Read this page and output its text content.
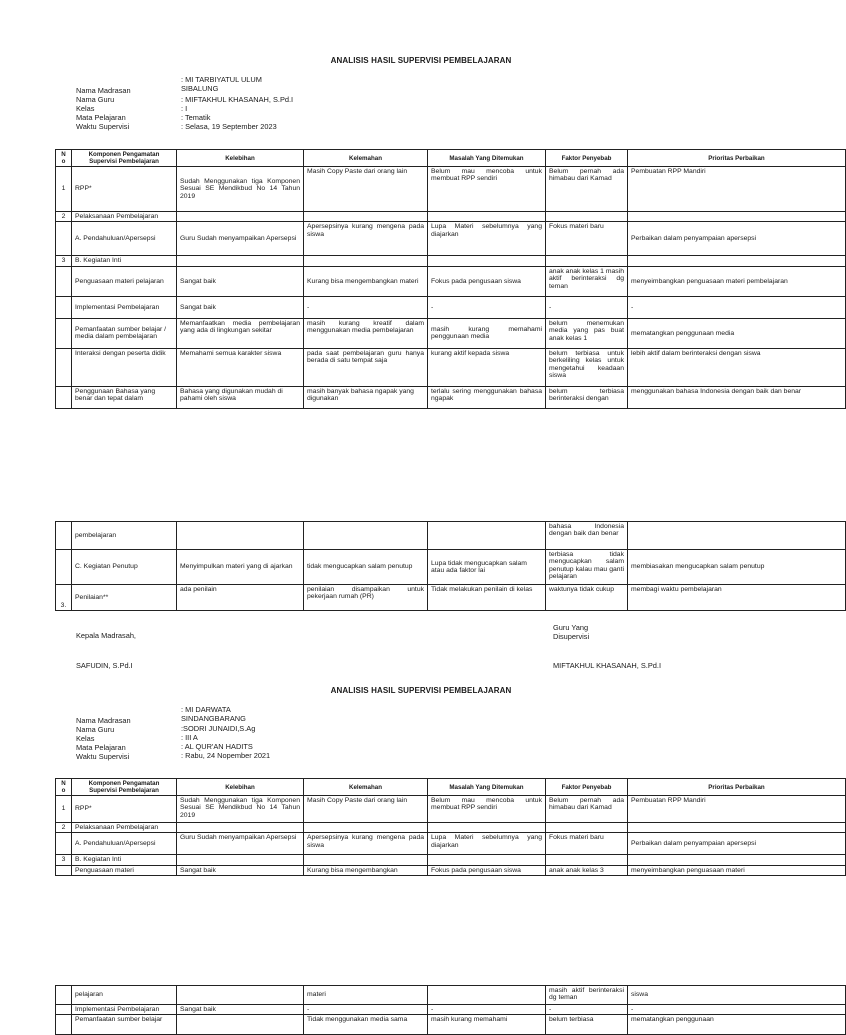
ANALISIS HASIL SUPERVISI PEMBELAJARAN
: MI TARBIYATUL ULUM
SIBALUNG
Nama Madrasan
Nama Guru	: MIFTAKHUL KHASANAH, S.Pd.I
Kelas	: I
Mata Pelajaran	: Tematik
Waktu Supervisi	: Selasa, 19 September 2023
N o	Komponen Pengamatan Supervisi Pembelajaran	Kelebihan	Kelemahan	Masalah Yang Ditemukan	Faktor Penyebab	Prioritas Perbaikan
1	RPP*	Sudah Menggunakan tiga Komponen Sesuai SE Mendikbud No 14 Tahun 2019	Masih Copy Paste dari orang lain	Belum mau mencoba untuk membuat RPP sendiri	Belum pernah ada himabau dari Kamad	Pembuatan RPP Mandiri
2	Pelaksanaan Pembelajaran					
	A. Pendahuluan/Apersepsi	Guru Sudah menyampaikan Apersepsi	Apersepsinya kurang mengena pada siswa	Lupa Materi sebelumnya yang diajarkan	Fokus materi baru	Perbaikan dalam penyampaian apersepsi
3	B. Kegiatan Inti					
	Penguasaan materi pelajaran	Sangat baik	Kurang bisa mengembangkan materi	Fokus pada pengusaan siswa	anak anak kelas 1 masih aktif berinteraksi dg teman	menyeimbangkan penguasaan materi pembelajaran
	Implementasi Pembelajaran	Sangat baik	-	-	-	-
	Pemanfaatan sumber belajar / media dalam pembelajaran	Memanfaatkan media pembelajaran yang ada di lingkungan sekitar	masih kurang kreatif dalam menggunakan media pembelajaran	masih kurang memahami penggunaan media	belum menemukan media yang pas buat anak kelas 1	mematangkan penggunaan media
	Interaksi dengan peserta didik	Memahami semua karakter siswa	pada saat pembelajaran guru hanya berada di satu tempat saja	kurang aktif kepada siswa	belum terbiasa untuk berkeliling kelas untuk mengetahui keadaan siswa	lebih aktif dalam berinteraksi dengan siswa
	Penggunaan Bahasa yang benar dan tepat dalam	Bahasa yang digunakan mudah di pahami oleh siswa	masih banyak bahasa ngapak yang digunakan	terlalu sering menggunakan bahasa ngapak	belum terbiasa berinteraksi dengan	menggunakan bahasa Indonesia dengan baik dan benar
	pembelajaran				bahasa Indonesia dengan baik dan benar	
	C. Kegiatan Penutup	Menyimpulkan materi yang di ajarkan	tidak mengucapkan salam penutup	Lupa tidak mengucapkan salam atau ada faktor lai	terbiasa tidak mengucapkan salam penutup kalau mau ganti pelajaran	membiasakan mengucapkan salam penutup
3.	Penilaian**	ada penilain	penilaian disampaikan untuk pekerjaan rumah (PR)	Tidak melakukan penilain di kelas	waktunya tidak cukup	membagi waktu pembelajaran
Kepala Madrasah,
Guru Yang
Disupervisi
SAFUDIN, S.Pd.I	MIFTAKHUL KHASANAH, S.Pd.I
ANALISIS HASIL SUPERVISI PEMBELAJARAN
: MI DARWATA
SINDANGBARANG
Nama Madrasan
Nama Guru	:SODRI JUNAIDI,S.Ag
Kelas	: III A
Mata Pelajaran	: AL QUR'AN HADITS
Waktu Supervisi	: Rabu, 24 Nopember 2021
N o	Komponen Pengamatan Supervisi Pembelajaran	Kelebihan	Kelemahan	Masalah Yang Ditemukan	Faktor Penyebab	Prioritas Perbaikan
1	RPP*	Sudah Menggunakan tiga Komponen Sesuai SE Mendikbud No 14 Tahun 2019	Masih Copy Paste dari orang lain	Belum mau mencoba untuk membuat RPP sendiri	Belum pernah ada himabau dari Kamad	Pembuatan RPP Mandiri
2	Pelaksanaan Pembelajaran					
	A. Pendahuluan/Apersepsi	Guru Sudah menyampaikan Apersepsi	Apersepsinya kurang mengena pada siswa	Lupa Materi sebelumnya yang diajarkan	Fokus materi baru	Perbaikan dalam penyampaian apersepsi
3	B. Kegiatan Inti					
	Penguasaan materi	Sangat baik	Kurang bisa mengembangkan	Fokus pada pengusaan siswa	anak anak kelas 3	menyeimbangkan penguasaan materi
	pelajaran		materi		masih aktif berinteraksi dg teman	siswa
	Implementasi Pembelajaran	Sangat baik	-	-	-	-
	Pemanfaatan sumber belajar		Tidak menggunakan media sama	masih kurang memahami	belum terbiasa	mematangkan penggunaan
